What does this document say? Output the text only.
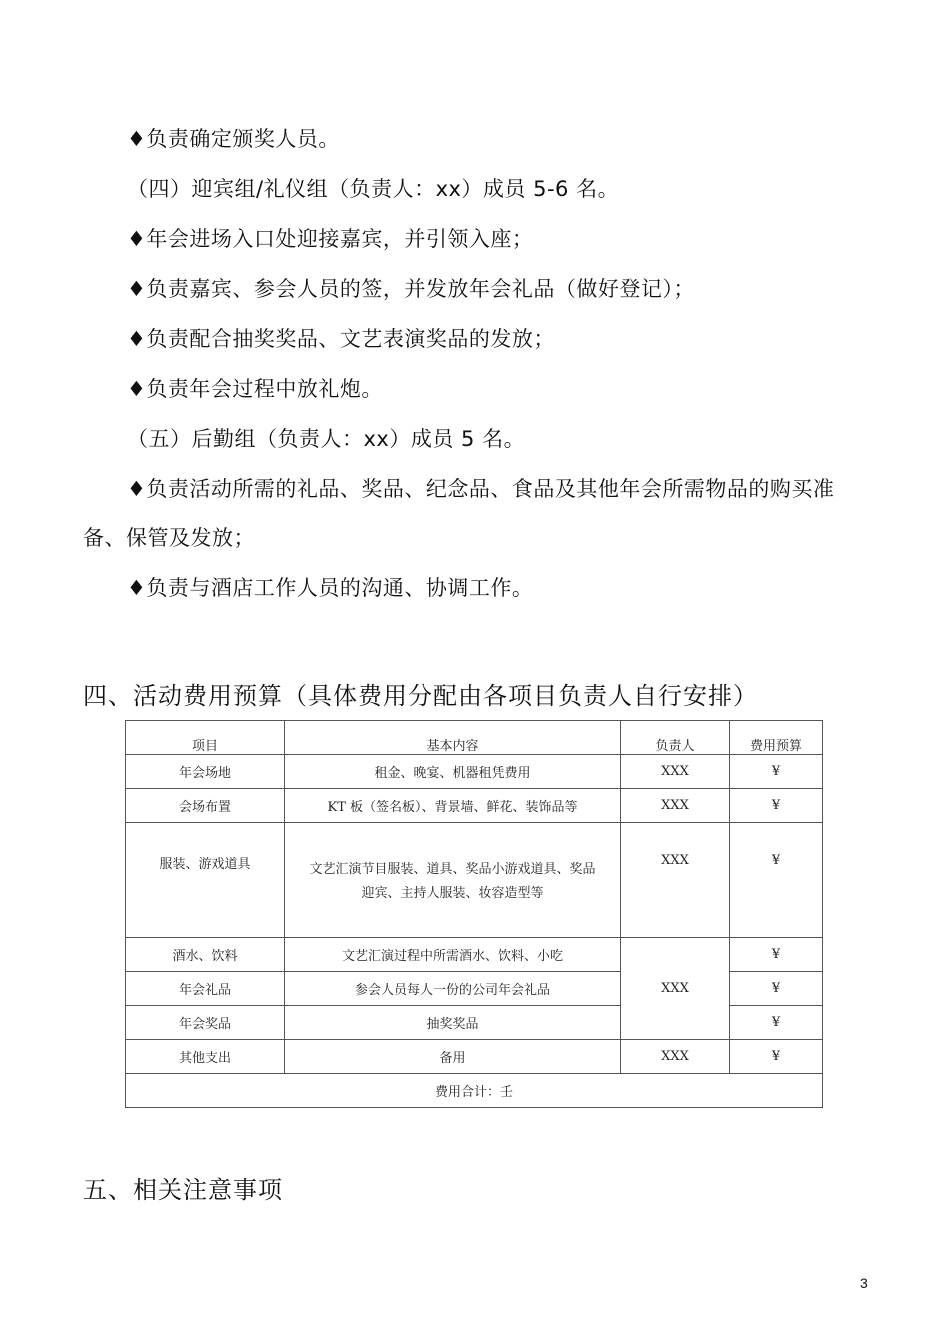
♦负责确定颁奖人员。
（四）迎宾组/礼仪组（负责人：xx）成员 5-6 名。
♦年会进场入口处迎接嘉宾，并引领入座；
♦负责嘉宾、参会人员的签，并发放年会礼品（做好登记）；
♦负责配合抽奖奖品、文艺表演奖品的发放；
♦负责年会过程中放礼炮。
（五）后勤组（负责人：xx）成员 5 名。
♦负责活动所需的礼品、奖品、纪念品、食品及其他年会所需物品的购买准
备、保管及发放；
♦负责与酒店工作人员的沟通、协调工作。
四、活动费用预算（具体费用分配由各项目负责人自行安排）
项目	基本内容	负责人	费用预算
年会场地	租金、晚宴、机器租凭费用	XXX	¥
会场布置	KT 板（签名板）、背景墙、鲜花、装饰品等	XXX	¥
服装、游戏道具	文艺汇演节目服装、道具、奖品小游戏道具、奖品
迎宾、主持人服装、妆容造型等	XXX	¥
酒水、饮料	文艺汇演过程中所需酒水、饮料、小吃	XXX	¥
年会礼品	参会人员每人一份的公司年会礼品		¥
年会奖品	抽奖奖品		¥
其他支出	备用	XXX	¥
费用合计：壬			
五、相关注意事项
3
